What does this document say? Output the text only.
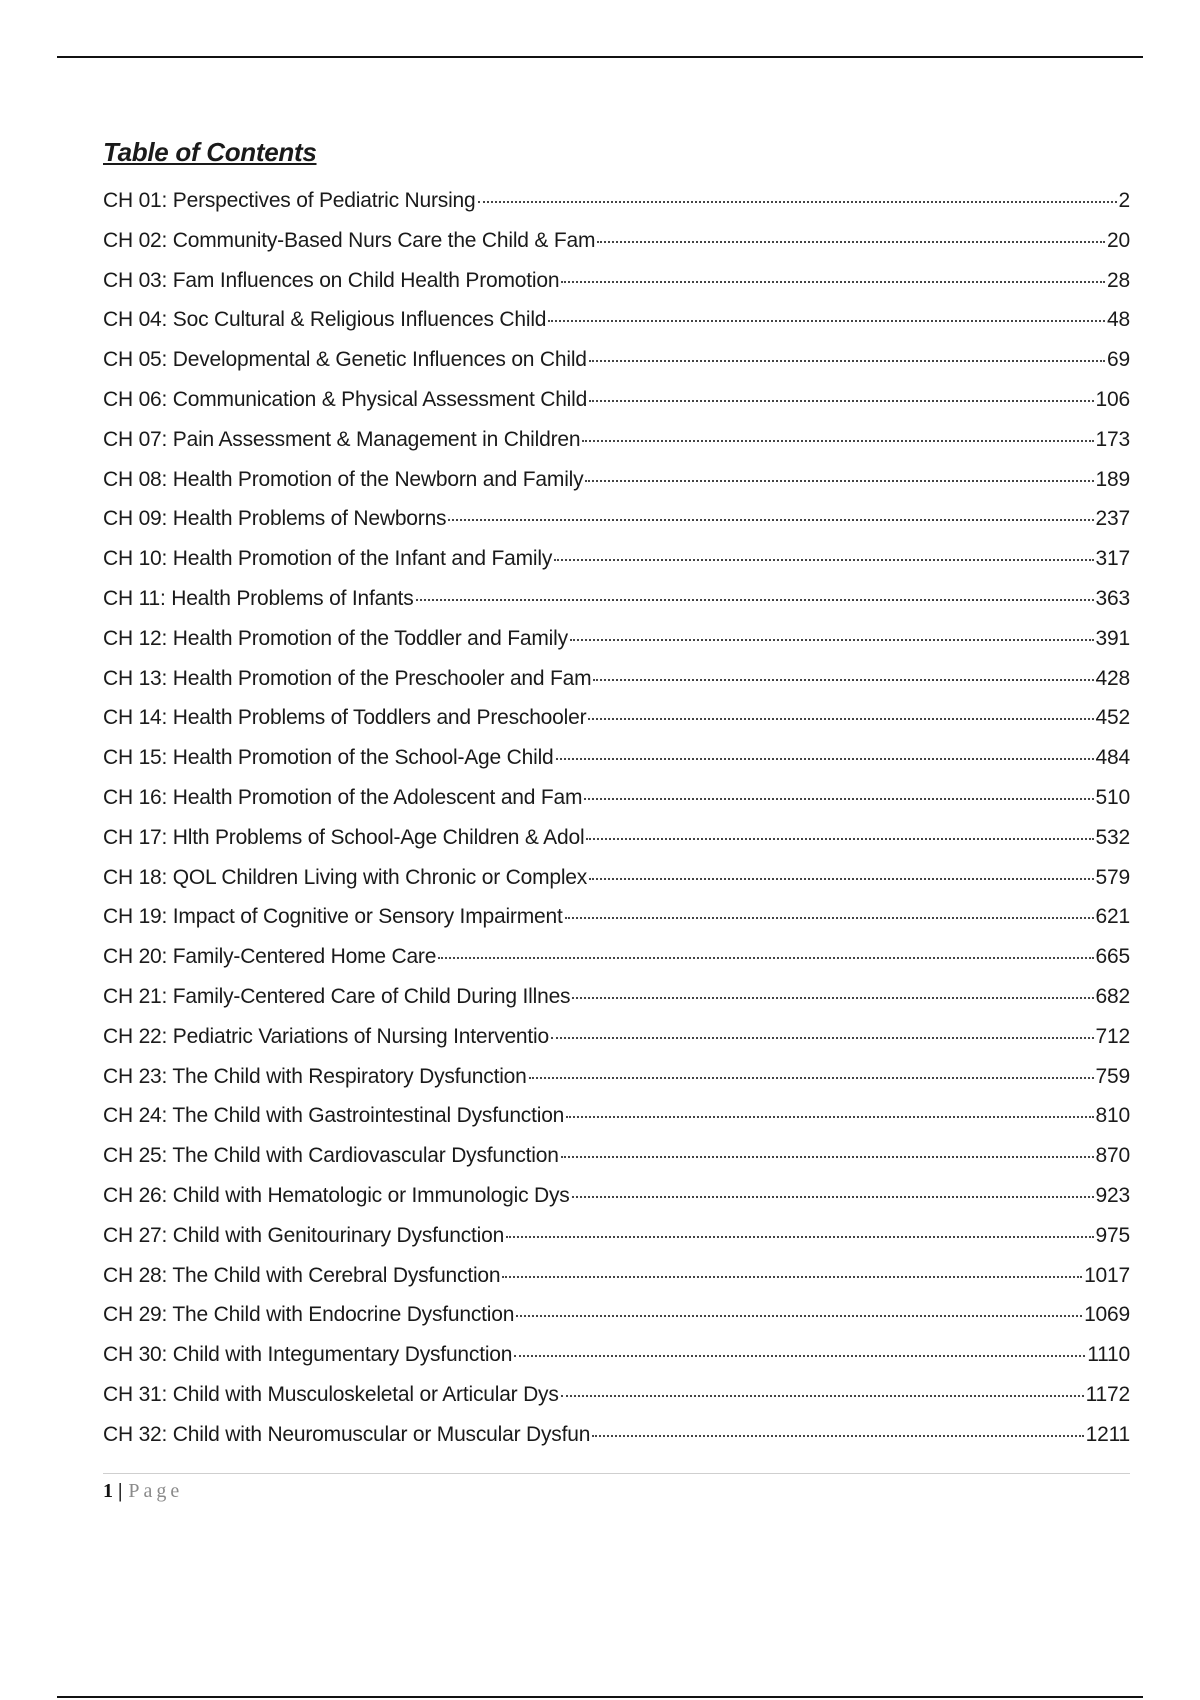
Table of Contents
CH 01: Perspectives of Pediatric Nursing	2
CH 02: Community-Based Nurs Care the Child & Fam	20
CH 03: Fam Influences on Child Health Promotion	28
CH 04: Soc Cultural & Religious Influences Child	48
CH 05: Developmental & Genetic Influences on Child	69
CH 06: Communication & Physical Assessment Child	106
CH 07: Pain Assessment & Management in Children	173
CH 08: Health Promotion of the Newborn and Family	189
CH 09: Health Problems of Newborns	237
CH 10: Health Promotion of the Infant and Family	317
CH 11: Health Problems of Infants	363
CH 12: Health Promotion of the Toddler and Family	391
CH 13: Health Promotion of the Preschooler and Fam	428
CH 14: Health Problems of Toddlers and Preschooler	452
CH 15: Health Promotion of the School-Age Child	484
CH 16: Health Promotion of the Adolescent and Fam	510
CH 17: Hlth Problems of School-Age Children & Adol	532
CH 18: QOL Children Living with Chronic or Complex	579
CH 19: Impact of Cognitive or Sensory Impairment	621
CH 20: Family-Centered Home Care	665
CH 21: Family-Centered Care of Child During Illnes	682
CH 22: Pediatric Variations of Nursing Interventio	712
CH 23: The Child with Respiratory Dysfunction	759
CH 24: The Child with Gastrointestinal Dysfunction	810
CH 25: The Child with Cardiovascular Dysfunction	870
CH 26: Child with Hematologic or Immunologic Dys	923
CH 27: Child with Genitourinary Dysfunction	975
CH 28: The Child with Cerebral Dysfunction	1017
CH 29: The Child with Endocrine Dysfunction	1069
CH 30: Child with Integumentary Dysfunction	1110
CH 31: Child with Musculoskeletal or Articular Dys	1172
CH 32: Child with Neuromuscular or Muscular Dysfun	1211
1 | Page
